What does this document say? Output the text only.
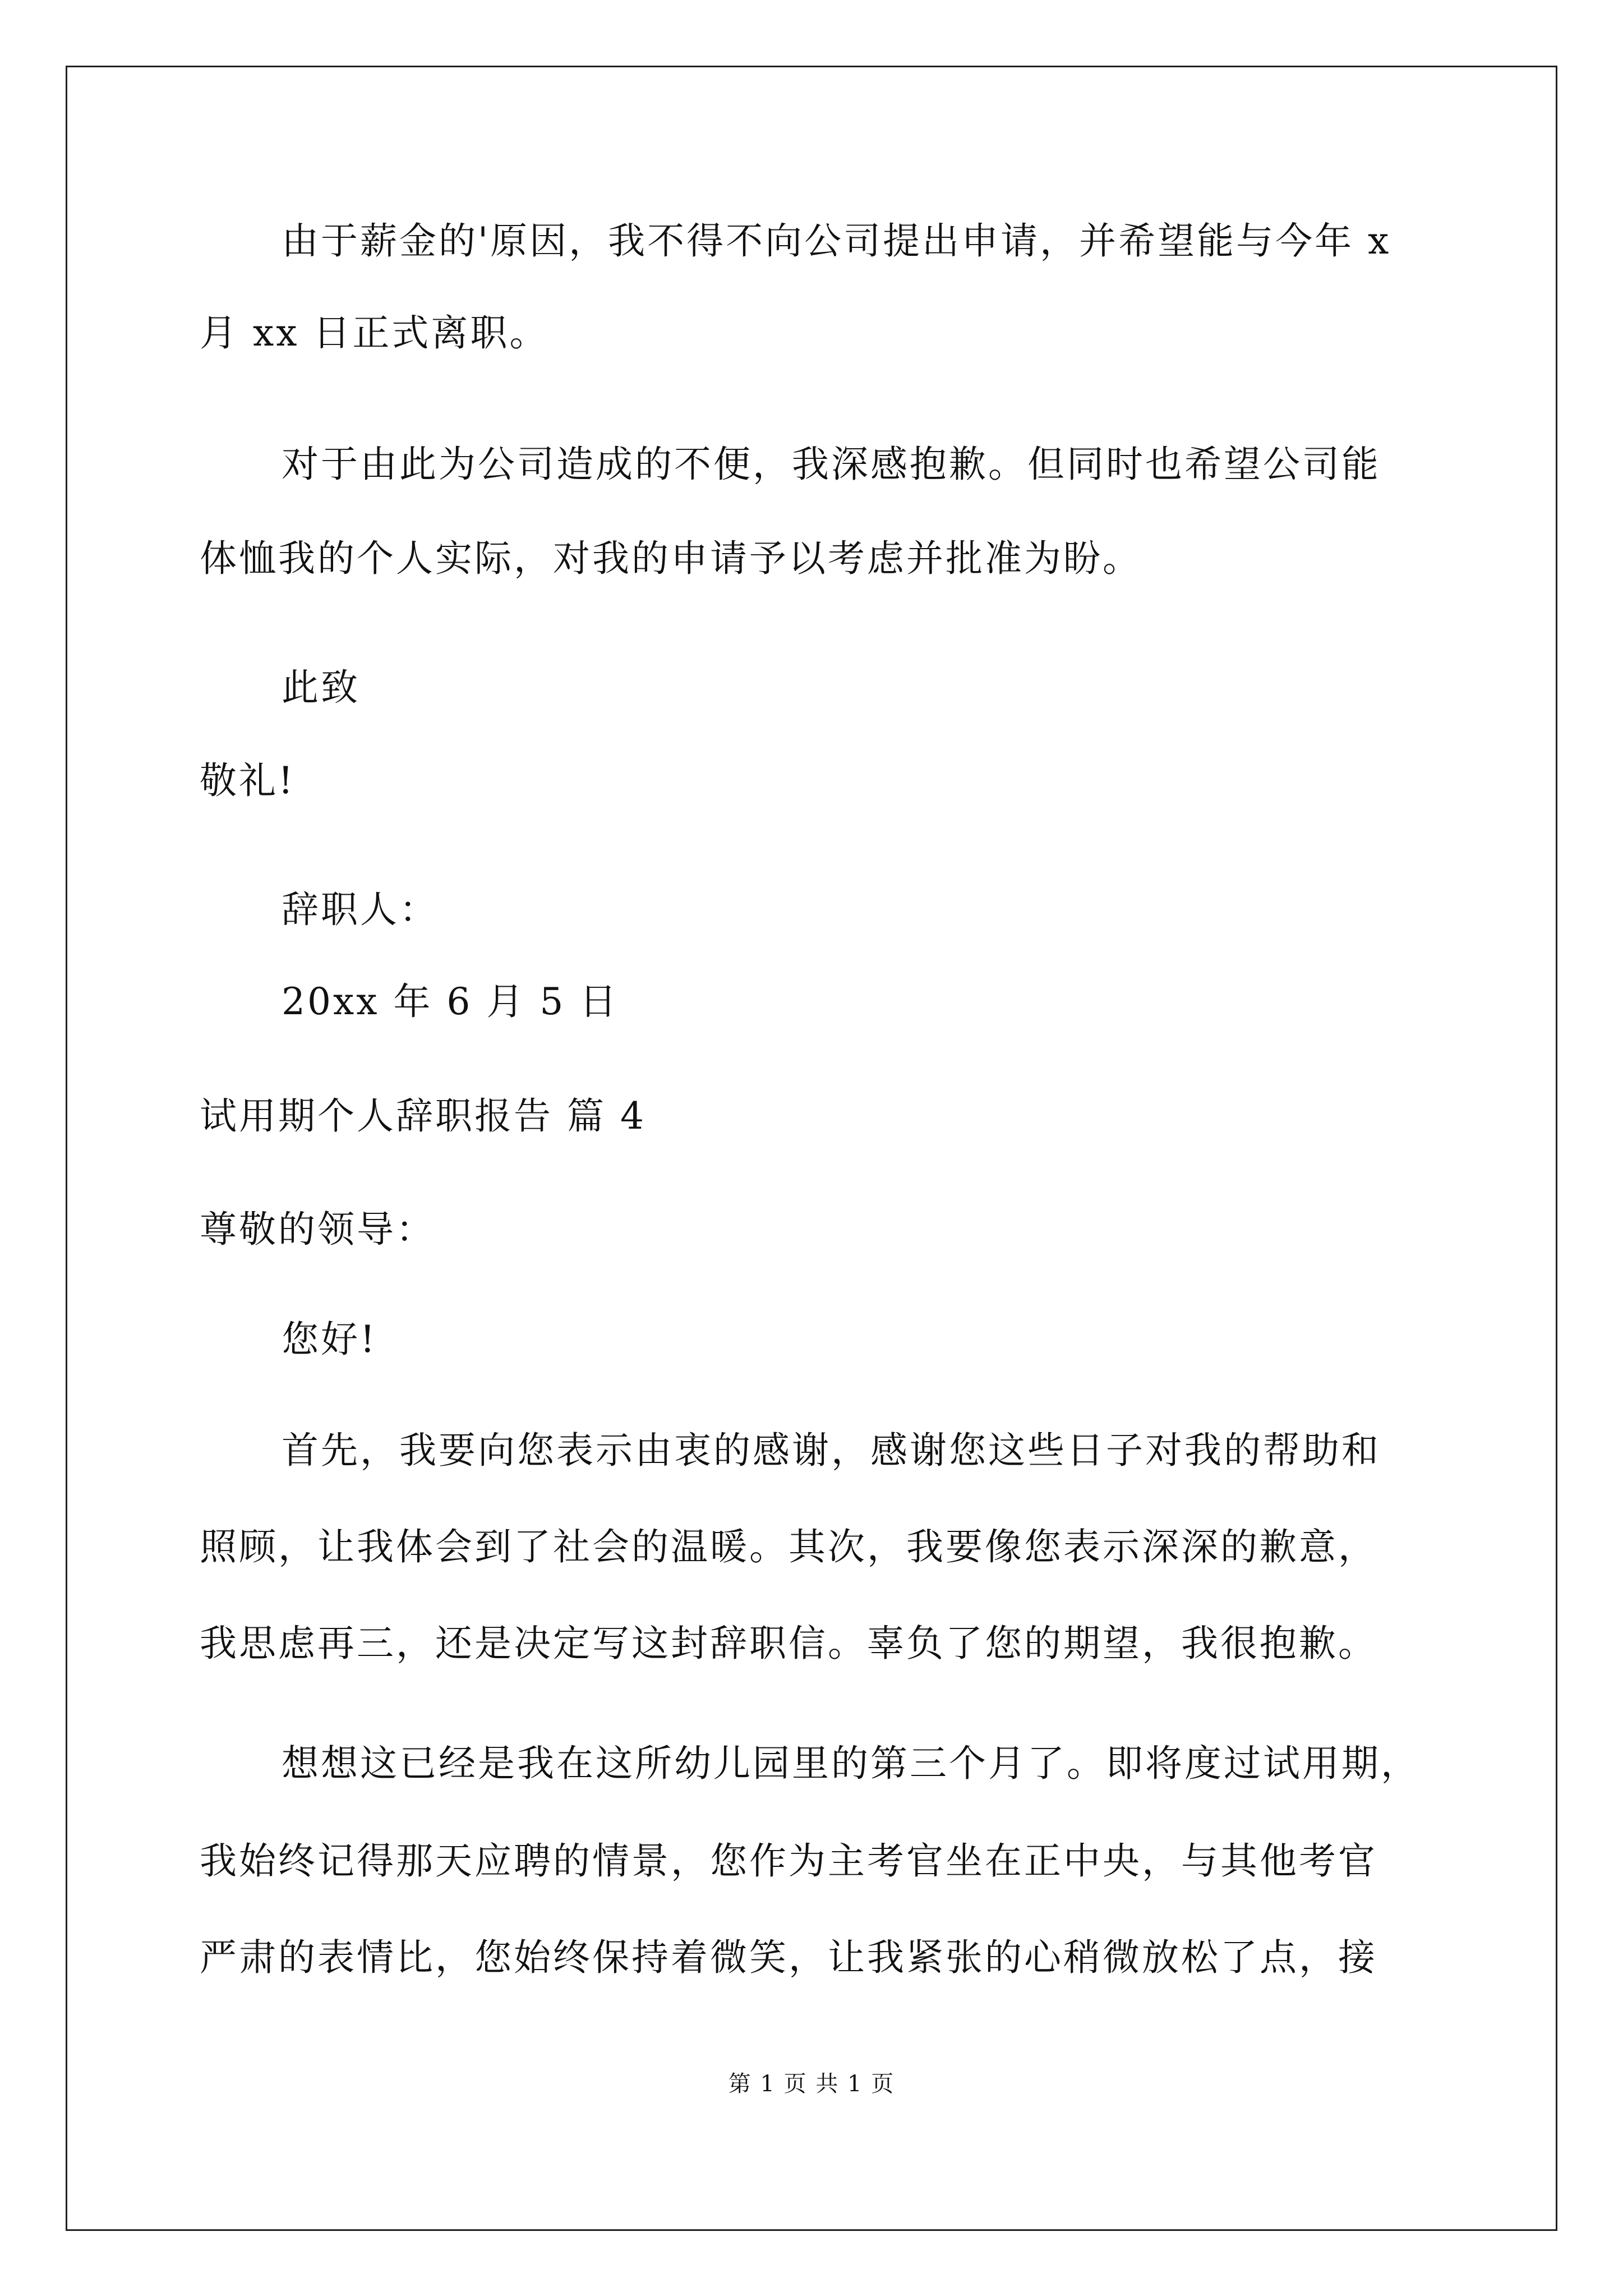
由于薪金的'原因，我不得不向公司提出申请，并希望能与今年 x
月 xx 日正式离职。
对于由此为公司造成的不便，我深感抱歉。但同时也希望公司能
体恤我的个人实际，对我的申请予以考虑并批准为盼。
此致
敬礼!
辞职人：
20xx 年 6 月 5 日
试用期个人辞职报告 篇 4
尊敬的领导：
您好!
首先，我要向您表示由衷的感谢，感谢您这些日子对我的帮助和
照顾，让我体会到了社会的温暖。其次，我要像您表示深深的歉意，
我思虑再三，还是决定写这封辞职信。辜负了您的期望，我很抱歉。
想想这已经是我在这所幼儿园里的第三个月了。即将度过试用期，
我始终记得那天应聘的情景，您作为主考官坐在正中央，与其他考官
严肃的表情比，您始终保持着微笑，让我紧张的心稍微放松了点，接
第 1 页 共 1 页
